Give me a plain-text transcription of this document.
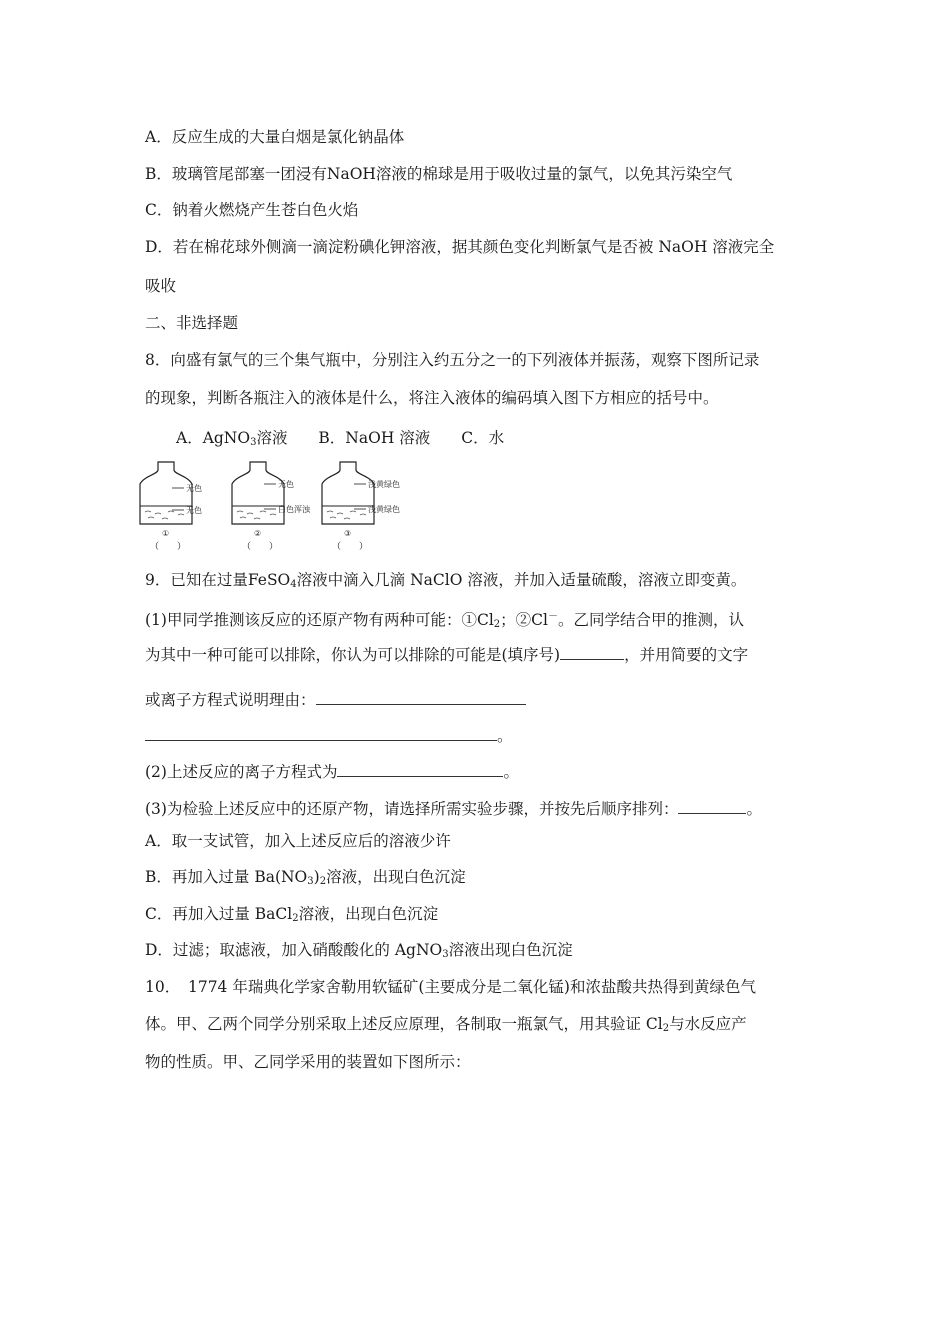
A．反应生成的大量白烟是氯化钠晶体
B．玻璃管尾部塞一团浸有NaOH溶液的棉球是用于吸收过量的氯气，以免其污染空气
C．钠着火燃烧产生苍白色火焰
D．若在棉花球外侧滴一滴淀粉碘化钾溶液，据其颜色变化判断氯气是否被 NaOH 溶液完全
吸收
二、非选择题
8．向盛有氯气的三个集气瓶中，分别注入约五分之一的下列液体并振荡，观察下图所记录
的现象，判断各瓶注入的液体是什么，将注入液体的编码填入图下方相应的括号中。
A．AgNO$_3$溶液 B．NaOH 溶液 C．水
无色
无色
①
（　　）
无色
白色浑浊
②
（　　）
浅黄绿色
浅黄绿色
③
（　　）
9．已知在过量FeSO$_4$溶液中滴入几滴 NaClO 溶液，并加入适量硫酸，溶液立即变黄。
(1)甲同学推测该反应的还原产物有两种可能：$①Cl_2$；②Cl－。乙同学结合甲的推测，认
为其中一种可能可以排除，你认为可以排除的可能是(填序号)	，并用简要的文字
或离子方程式说明理由：
。
(2)上述反应的离子方程式为	。
(3)为检验上述反应中的还原产物，请选择所需实验步骤，并按先后顺序排列：	。
A．取一支试管，加入上述反应后的溶液少许
B．再加入过量 $Ba(NO_3)_2$溶液，出现白色沉淀
C．再加入过量 BaCl$_2$溶液，出现白色沉淀
D．过滤；取滤液，加入硝酸酸化的 AgNO$_3$溶液出现白色沉淀
10．　1774 年瑞典化学家舍勒用软锰矿(主要成分是二氧化锰)和浓盐酸共热得到黄绿色气
体。甲、乙两个同学分别采取上述反应原理，各制取一瓶氯气，用其验证 $Cl_2$与水反应产
物的性质。甲、乙同学采用的装置如下图所示：
